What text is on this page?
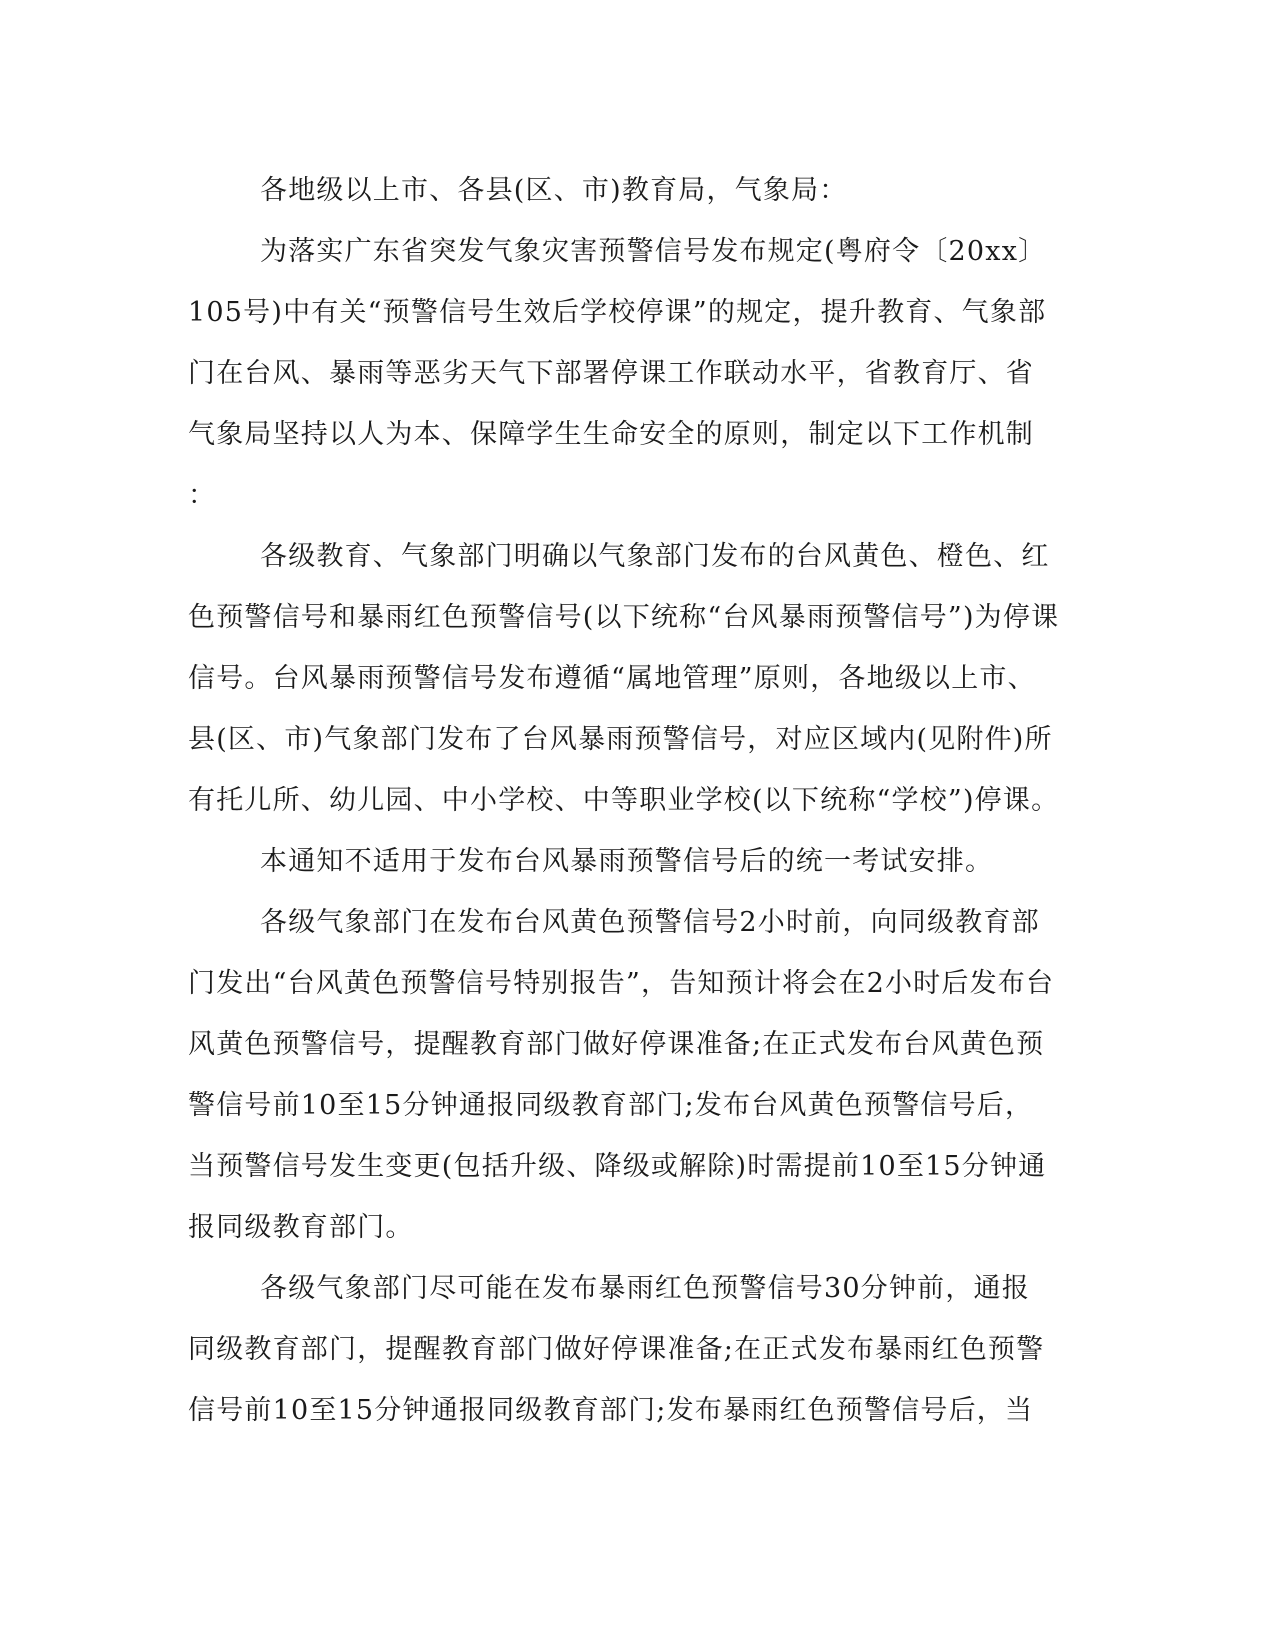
各地级以上市、各县(区、市)教育局，气象局：
为落实广东省突发气象灾害预警信号发布规定(粤府令〔20xx〕
105号)中有关“预警信号生效后学校停课”的规定，提升教育、气象部
门在台风、暴雨等恶劣天气下部署停课工作联动水平，省教育厅、省
气象局坚持以人为本、保障学生生命安全的原则，制定以下工作机制
：
各级教育、气象部门明确以气象部门发布的台风黄色、橙色、红
色预警信号和暴雨红色预警信号(以下统称“台风暴雨预警信号”)为停课
信号。台风暴雨预警信号发布遵循“属地管理”原则，各地级以上市、
县(区、市)气象部门发布了台风暴雨预警信号，对应区域内(见附件)所
有托儿所、幼儿园、中小学校、中等职业学校(以下统称“学校”)停课。
本通知不适用于发布台风暴雨预警信号后的统一考试安排。
各级气象部门在发布台风黄色预警信号2小时前，向同级教育部
门发出“台风黄色预警信号特别报告”，告知预计将会在2小时后发布台
风黄色预警信号，提醒教育部门做好停课准备;在正式发布台风黄色预
警信号前10至15分钟通报同级教育部门;发布台风黄色预警信号后，
当预警信号发生变更(包括升级、降级或解除)时需提前10至15分钟通
报同级教育部门。
各级气象部门尽可能在发布暴雨红色预警信号30分钟前，通报
同级教育部门，提醒教育部门做好停课准备;在正式发布暴雨红色预警
信号前10至15分钟通报同级教育部门;发布暴雨红色预警信号后，当
